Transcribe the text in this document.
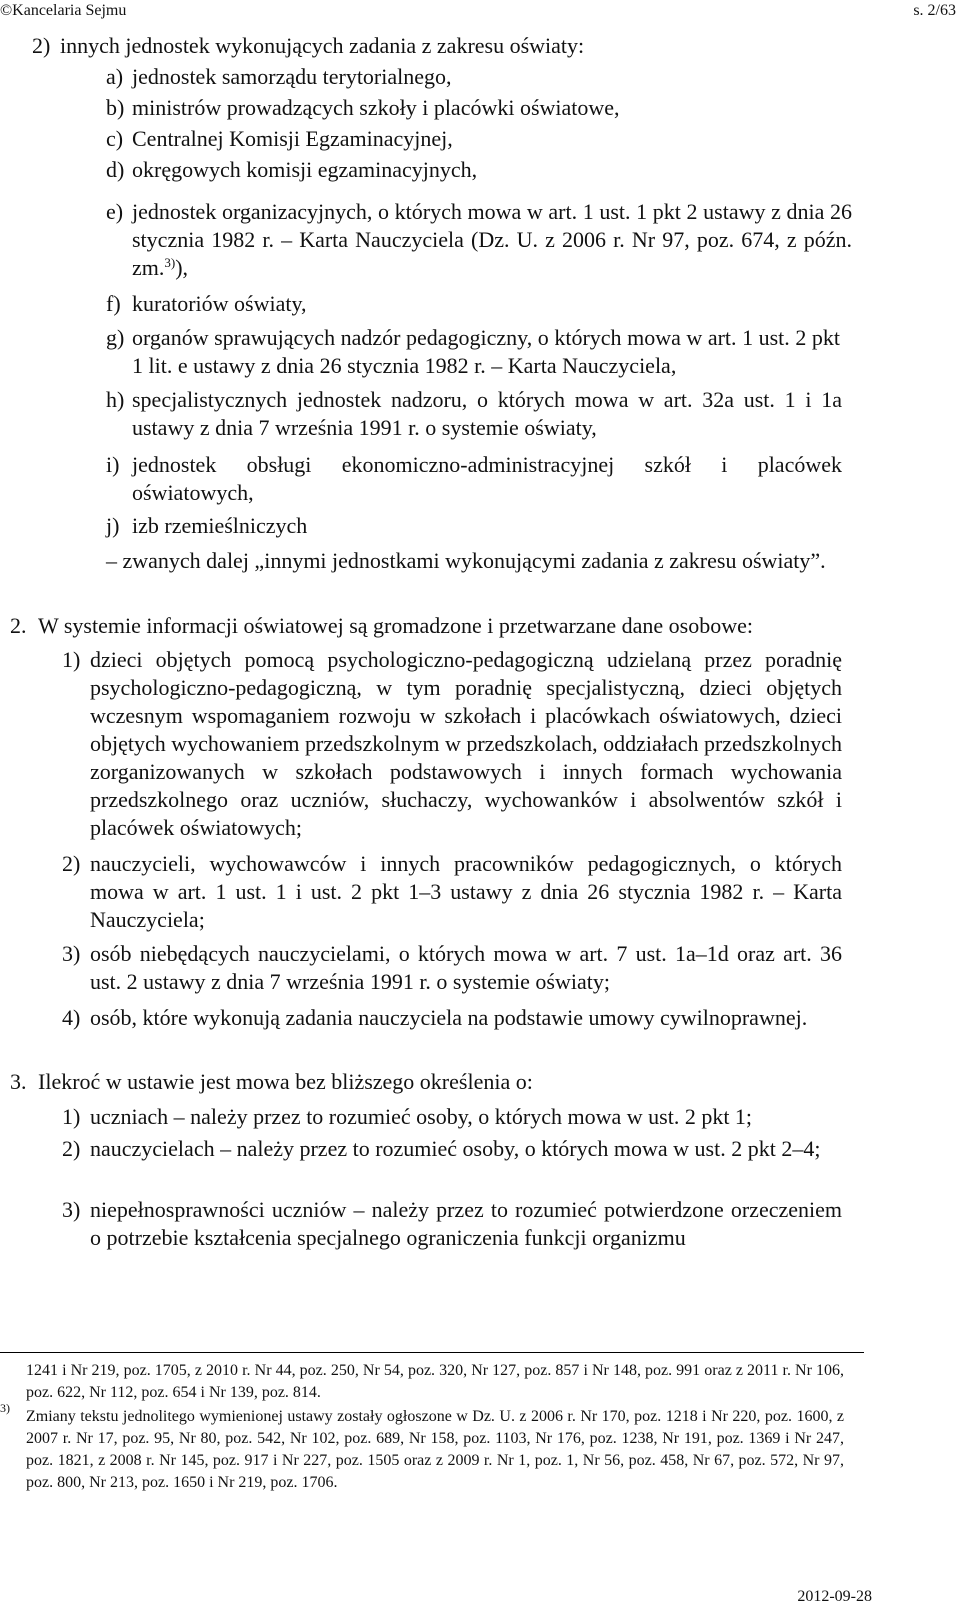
©Kancelaria Sejmu	s. 2/63
2) innych jednostek wykonujących zadania z zakresu oświaty:
a) jednostek samorządu terytorialnego,
b) ministrów prowadzących szkoły i placówki oświatowe,
c) Centralnej Komisji Egzaminacyjnej,
d) okręgowych komisji egzaminacyjnych,
e) jednostek organizacyjnych, o których mowa w art. 1 ust. 1 pkt 2 ustawy z dnia 26 stycznia 1982 r. – Karta Nauczyciela (Dz. U. z 2006 r. Nr 97, poz. 674, z późn. zm.$^{3)}$),
f) kuratoriów oświaty,
g) organów sprawujących nadzór pedagogiczny, o których mowa w art. 1 ust. 2 pkt 1 lit. e ustawy z dnia 26 stycznia 1982 r. – Karta Nauczyciela,
h) specjalistycznych jednostek nadzoru, o których mowa w art. 32a ust. 1 i 1a ustawy z dnia 7 września 1991 r. o systemie oświaty,
i) jednostek obsługi ekonomiczno-administracyjnej szkół i placówek oświatowych,
j) izb rzemieślniczych
– zwanych dalej „innymi jednostkami wykonującymi zadania z zakresu oświaty”.
2. W systemie informacji oświatowej są gromadzone i przetwarzane dane osobowe:
1) dzieci objętych pomocą psychologiczno-pedagogiczną udzielaną przez poradnię psychologiczno-pedagogiczną, w tym poradnię specjalistyczną, dzieci objętych wczesnym wspomaganiem rozwoju w szkołach i placówkach oświatowych, dzieci objętych wychowaniem przedszkolnym w przedszkolach, oddziałach przedszkolnych zorganizowanych w szkołach podstawowych i innych formach wychowania przedszkolnego oraz uczniów, słuchaczy, wychowanków i absolwentów szkół i placówek oświatowych;
2) nauczycieli, wychowawców i innych pracowników pedagogicznych, o których mowa w art. 1 ust. 1 i ust. 2 pkt 1–3 ustawy z dnia 26 stycznia 1982 r. – Karta Nauczyciela;
3) osób niebędących nauczycielami, o których mowa w art. 7 ust. 1a–1d oraz art. 36 ust. 2 ustawy z dnia 7 września 1991 r. o systemie oświaty;
4) osób, które wykonują zadania nauczyciela na podstawie umowy cywilnoprawnej.
3. Ilekroć w ustawie jest mowa bez bliższego określenia o:
1) uczniach – należy przez to rozumieć osoby, o których mowa w ust. 2 pkt 1;
2) nauczycielach – należy przez to rozumieć osoby, o których mowa w ust. 2 pkt 2–4;
3) niepełnosprawności uczniów – należy przez to rozumieć potwierdzone orzeczeniem o potrzebie kształcenia specjalnego ograniczenia funkcji organizmu
1241 i Nr 219, poz. 1705, z 2010 r. Nr 44, poz. 250, Nr 54, poz. 320, Nr 127, poz. 857 i Nr 148, poz. 991 oraz z 2011 r. Nr 106, poz. 622, Nr 112, poz. 654 i Nr 139, poz. 814.
3) Zmiany tekstu jednolitego wymienionej ustawy zostały ogłoszone w Dz. U. z 2006 r. Nr 170, poz. 1218 i Nr 220, poz. 1600, z 2007 r. Nr 17, poz. 95, Nr 80, poz. 542, Nr 102, poz. 689, Nr 158, poz. 1103, Nr 176, poz. 1238, Nr 191, poz. 1369 i Nr 247, poz. 1821, z 2008 r. Nr 145, poz. 917 i Nr 227, poz. 1505 oraz z 2009 r. Nr 1, poz. 1, Nr 56, poz. 458, Nr 67, poz. 572, Nr 97, poz. 800, Nr 213, poz. 1650 i Nr 219, poz. 1706.
2012-09-28
